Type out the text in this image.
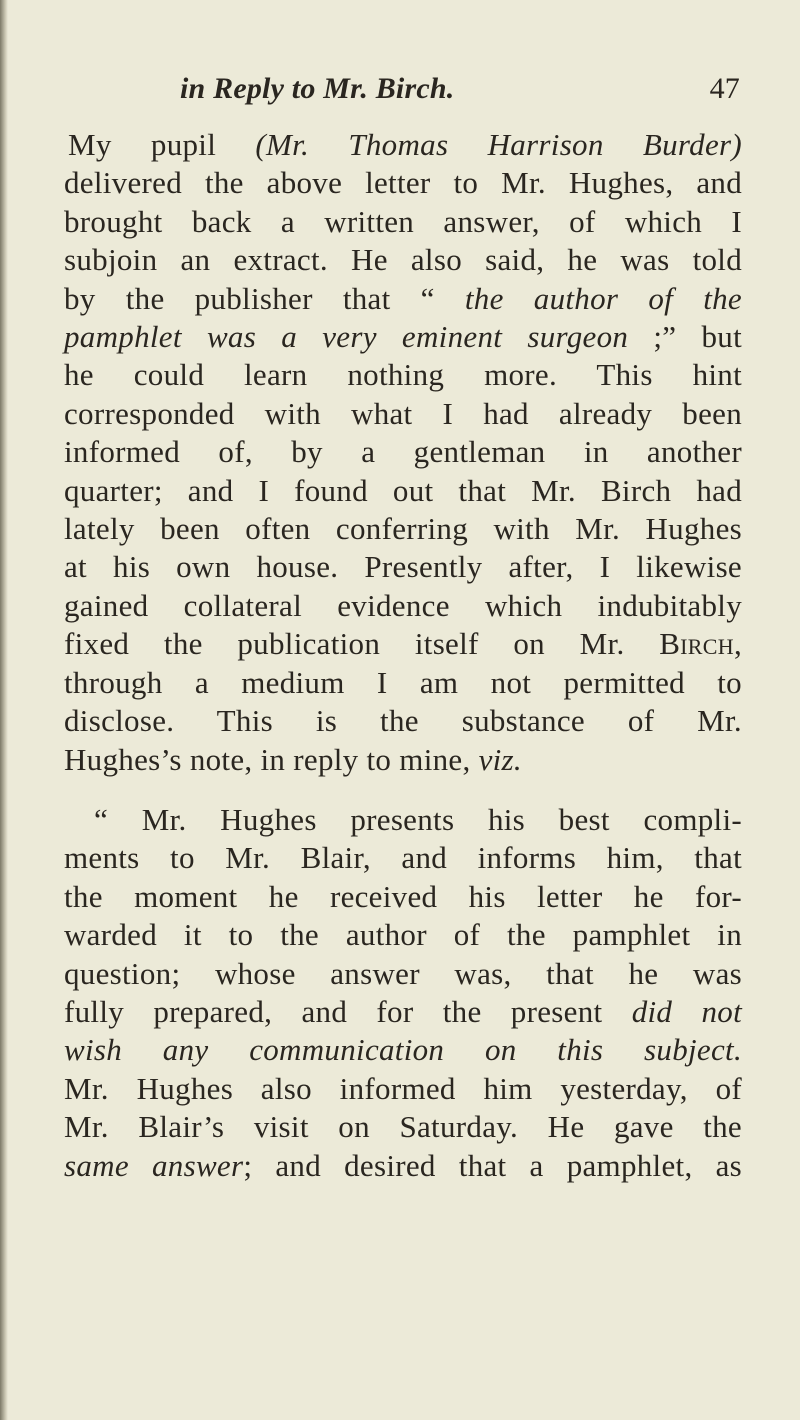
in Reply to Mr. Birch.	47
My pupil (Mr. Thomas Harrison Burder)
delivered the above letter to Mr. Hughes, and
brought back a written answer, of which I
subjoin an extract. He also said, he was told
by the publisher that “ the author of the
pamphlet was a very eminent surgeon ;” but
he could learn nothing more. This hint
corresponded with what I had already been
informed of, by a gentleman in another
quarter; and I found out that Mr. Birch had
lately been often conferring with Mr. Hughes
at his own house. Presently after, I likewise
gained collateral evidence which indubitably
fixed the publication itself on Mr. Birch,
through a medium I am not permitted to
disclose. This is the substance of Mr.
Hughes’s note, in reply to mine, viz.
“ Mr. Hughes presents his best compli-
ments to Mr. Blair, and informs him, that
the moment he received his letter he for-
warded it to the author of the pamphlet in
question; whose answer was, that he was
fully prepared, and for the present did not
wish any communication on this subject.
Mr. Hughes also informed him yesterday, of
Mr. Blair’s visit on Saturday. He gave the
same answer; and desired that a pamphlet, as
